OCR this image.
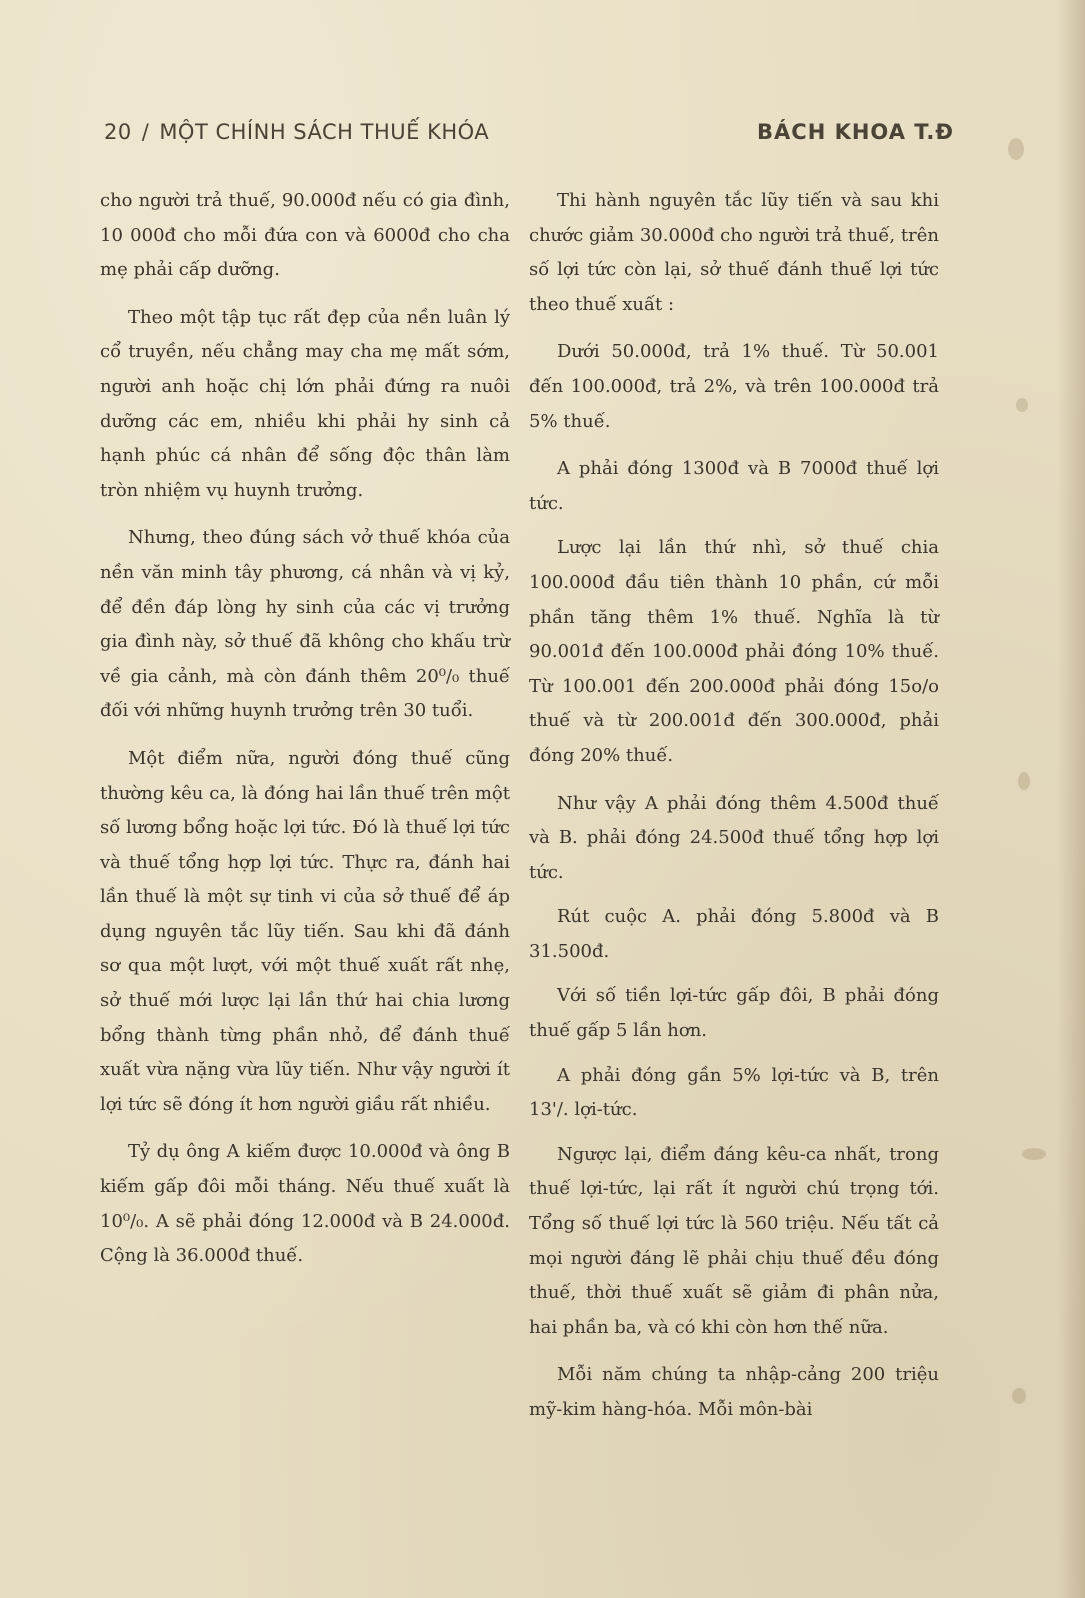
20 / MỘT CHÍNH SÁCH THUẾ KHÓA	BÁCH KHOA T.Đ

cho người trả thuế, 90.000đ nếu có gia đình, 10 000đ cho mỗi đứa con và 6000đ cho cha mẹ phải cấp dưỡng.

Theo một tập tục rất đẹp của nền luân lý cổ truyền, nếu chẳng may cha mẹ mất sớm, người anh hoặc chị lớn phải đứng ra nuôi dưỡng các em, nhiều khi phải hy sinh cả hạnh phúc cá nhân để sống độc thân làm tròn nhiệm vụ huynh trưởng.

Nhưng, theo đúng sách vở thuế khóa của nền văn minh tây phương, cá nhân và vị kỷ, để đền đáp lòng hy sinh của các vị trưởng gia đình này, sở thuế đã không cho khấu trừ về gia cảnh, mà còn đánh thêm 20⁰/₀ thuế đối với những huynh trưởng trên 30 tuổi.

Một điểm nữa, người đóng thuế cũng thường kêu ca, là đóng hai lần thuế trên một số lương bổng hoặc lợi tức. Đó là thuế lợi tức và thuế tổng hợp lợi tức. Thực ra, đánh hai lần thuế là một sự tinh vi của sở thuế để áp dụng nguyên tắc lũy tiến. Sau khi đã đánh sơ qua một lượt, với một thuế xuất rất nhẹ, sở thuế mới lược lại lần thứ hai chia lương bổng thành từng phần nhỏ, để đánh thuế xuất vừa nặng vừa lũy tiến. Như vậy người ít lợi tức sẽ đóng ít hơn người giầu rất nhiều.

Tỷ dụ ông A kiếm được 10.000đ và ông B kiếm gấp đôi mỗi tháng. Nếu thuế xuất là 10⁰/₀. A sẽ phải đóng 12.000đ và B 24.000đ. Cộng là 36.000đ thuế.

Thi hành nguyên tắc lũy tiến và sau khi chước giảm 30.000đ cho người trả thuế, trên số lợi tức còn lại, sở thuế đánh thuế lợi tức theo thuế xuất :

Dưới 50.000đ, trả 1% thuế. Từ 50.001 đến 100.000đ, trả 2%, và trên 100.000đ trả 5% thuế.

A phải đóng 1300đ và B 7000đ thuế lợi tức.

Lược lại lần thứ nhì, sở thuế chia 100.000đ đầu tiên thành 10 phần, cứ mỗi phần tăng thêm 1% thuế. Nghĩa là từ 90.001đ đến 100.000đ phải đóng 10% thuế. Từ 100.001 đến 200.000đ phải đóng 15o/o thuế và từ 200.001đ đến 300.000đ, phải đóng 20% thuế.

Như vậy A phải đóng thêm 4.500đ thuế và B. phải đóng 24.500đ thuế tổng hợp lợi tức.

Rút cuộc A. phải đóng 5.800đ và B 31.500đ.

Với số tiền lợi-tức gấp đôi, B phải đóng thuế gấp 5 lần hơn.

A phải đóng gần 5% lợi-tức và B, trên 13'/. lợi-tức.

Ngược lại, điểm đáng kêu-ca nhất, trong thuế lợi-tức, lại rất ít người chú trọng tới. Tổng số thuế lợi tức là 560 triệu. Nếu tất cả mọi người đáng lẽ phải chịu thuế đều đóng thuế, thời thuế xuất sẽ giảm đi phân nửa, hai phần ba, và có khi còn hơn thế nữa.

Mỗi năm chúng ta nhập-cảng 200 triệu mỹ-kim hàng-hóa. Mỗi môn-bài
